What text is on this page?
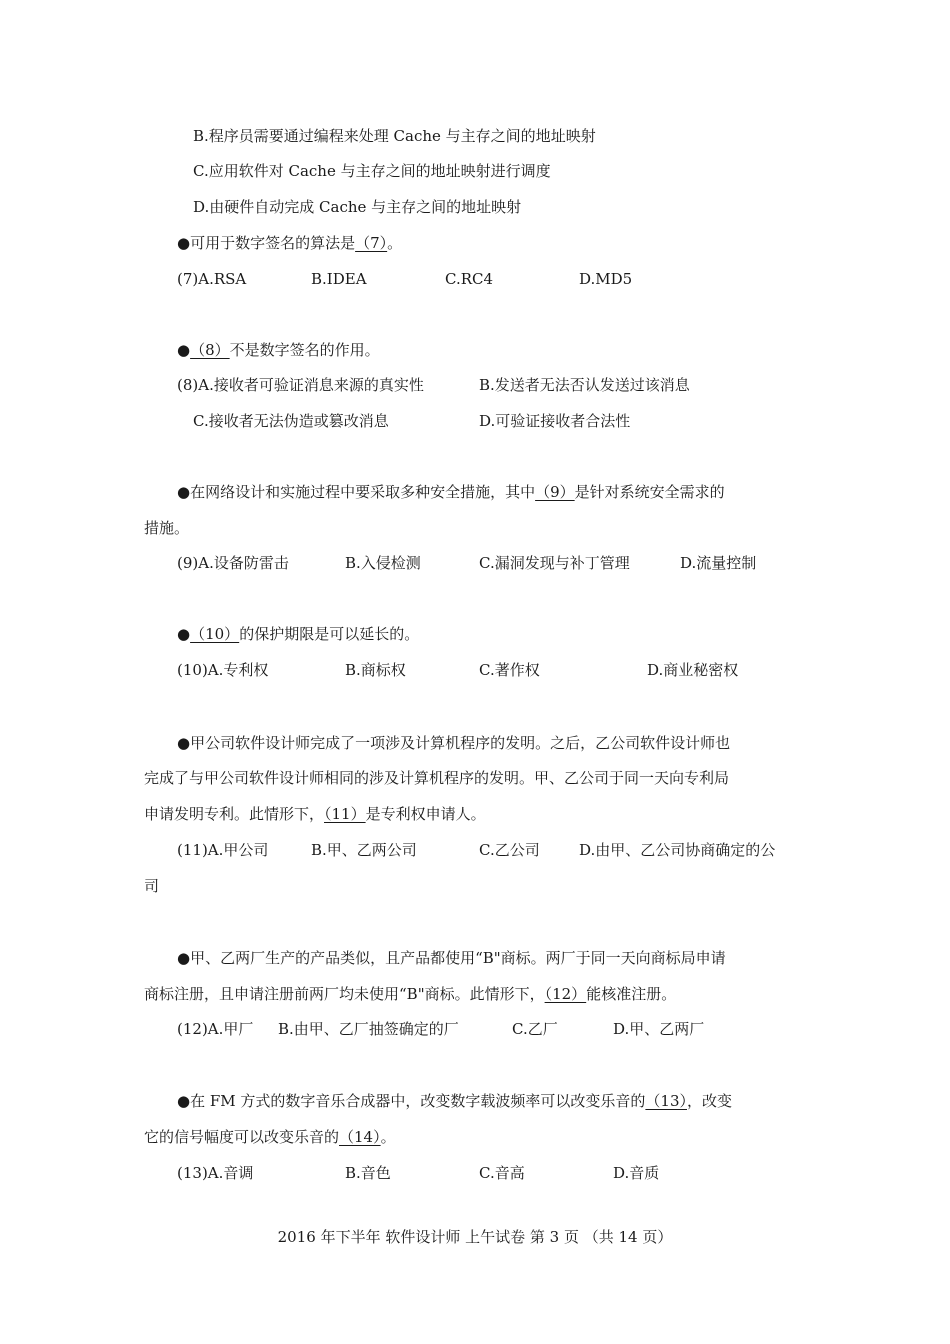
B.程序员需要通过编程来处理 Cache 与主存之间的地址映射
C.应用软件对 Cache 与主存之间的地址映射进行调度
D.由硬件自动完成 Cache 与主存之间的地址映射
●可用于数字签名的算法是（7）。
(7)A.RSA	B.IDEA	C.RC4	D.MD5
●（8）不是数字签名的作用。
(8)A.接收者可验证消息来源的真实性	B.发送者无法否认发送过该消息
C.接收者无法伪造或篡改消息	D.可验证接收者合法性
●在网络设计和实施过程中要采取多种安全措施，其中（9）是针对系统安全需求的
措施。
(9)A.设备防雷击	B.入侵检测	C.漏洞发现与补丁管理	D.流量控制
●（10）的保护期限是可以延长的。
(10)A.专利权	B.商标权	C.著作权	D.商业秘密权
●甲公司软件设计师完成了一项涉及计算机程序的发明。之后，乙公司软件设计师也
完成了与甲公司软件设计师相同的涉及计算机程序的发明。甲、乙公司于同一天向专利局
申请发明专利。此情形下，（11）是专利权申请人。
(11)A.甲公司	B.甲、乙两公司	C.乙公司	D.由甲、乙公司协商确定的公
司
●甲、乙两厂生产的产品类似，且产品都使用“B"商标。两厂于同一天向商标局申请
商标注册，且申请注册前两厂均未使用“B"商标。此情形下，（12）能核准注册。
(12)A.甲厂 B.由甲、乙厂抽签确定的厂	C.乙厂	D.甲、乙两厂
●在 FM 方式的数字音乐合成器中，改变数字载波频率可以改变乐音的（13），改变
它的信号幅度可以改变乐音的（14）。
(13)A.音调	B.音色	C.音高	D.音质
2016 年下半年 软件设计师 上午试卷 第 3 页 （共 14 页）
